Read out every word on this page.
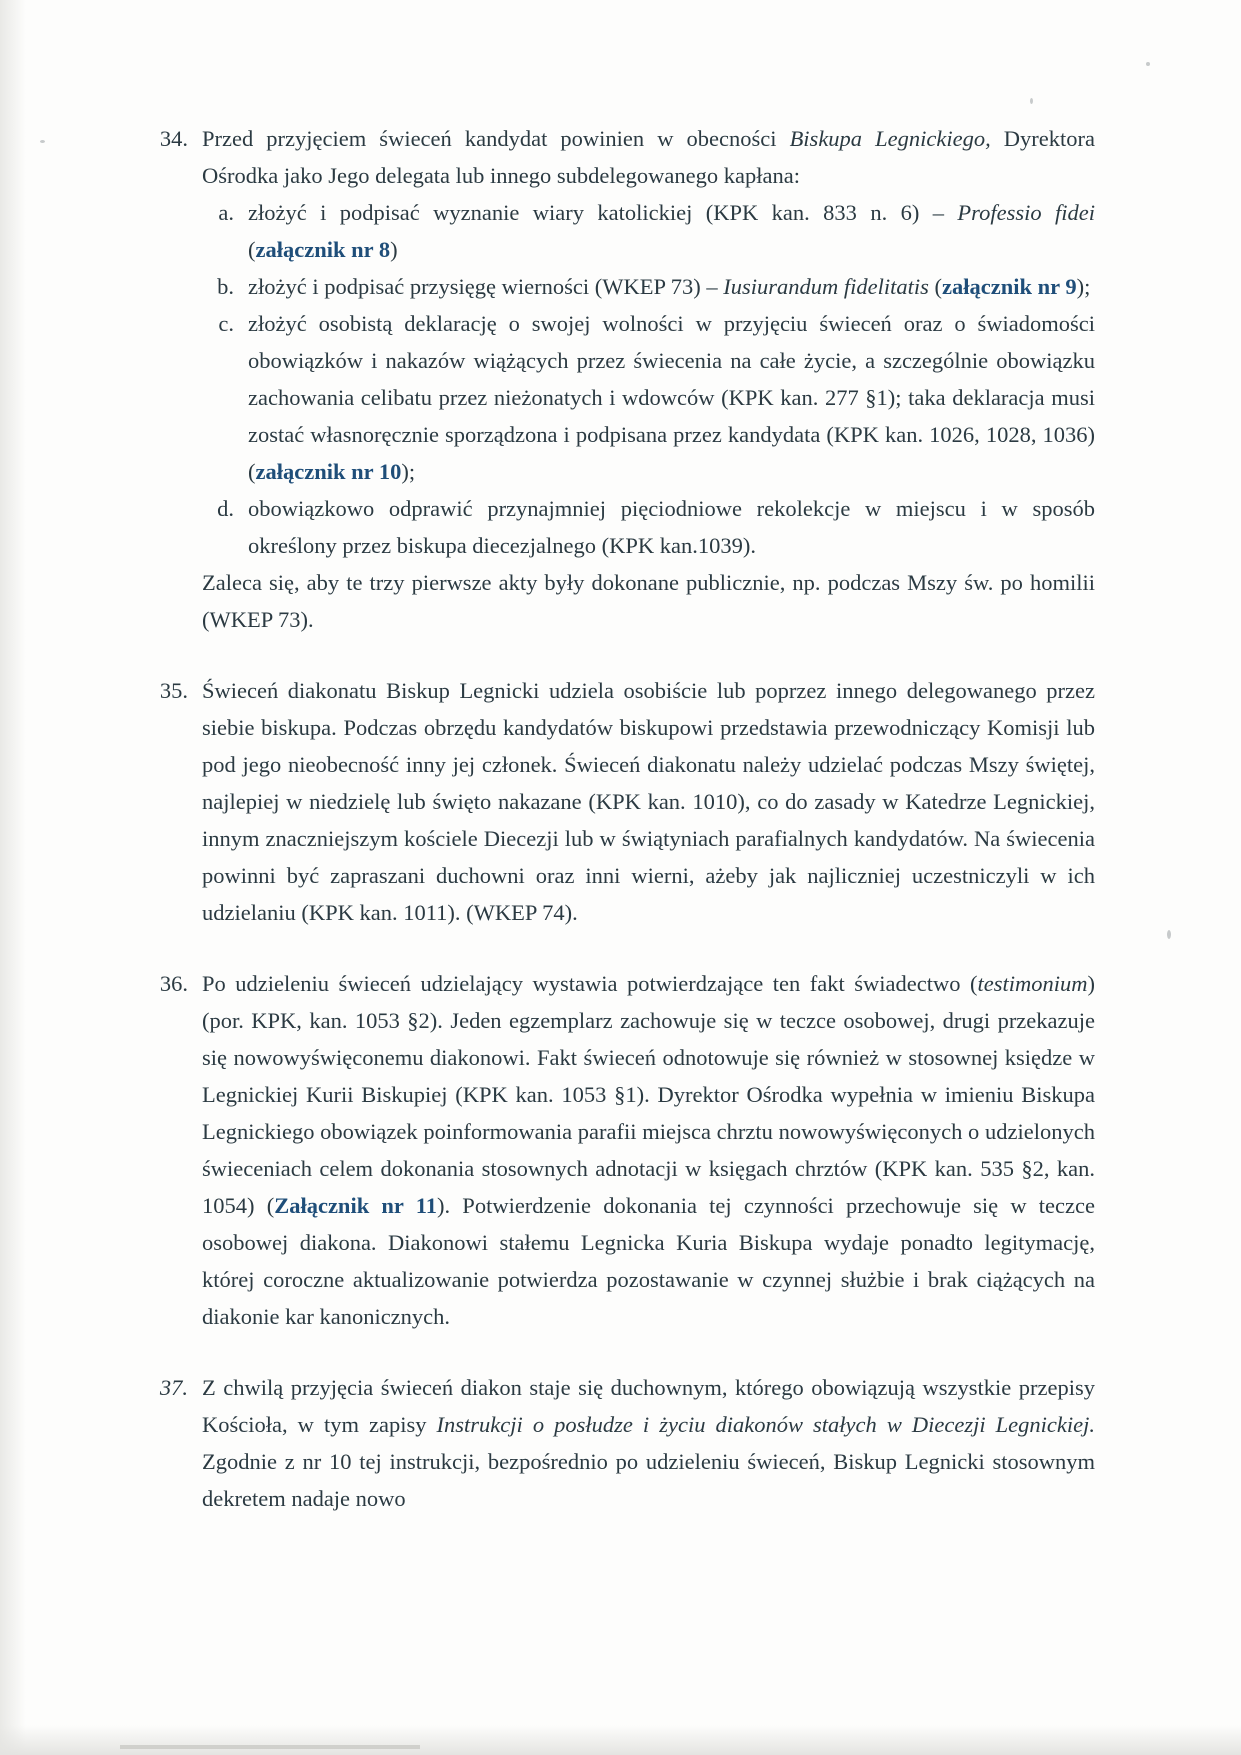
34. Przed przyjęciem świeceń kandydat powinien w obecności Biskupa Legnickiego, Dyrektora Ośrodka jako Jego delegata lub innego subdelegowanego kapłana:

a. złożyć i podpisać wyznanie wiary katolickiej (KPK kan. 833 n. 6) – Professio fidei (załącznik nr 8)
b. złożyć i podpisać przysięgę wierności (WKEP 73) – Iusiurandum fidelitatis (załącznik nr 9);
c. złożyć osobistą deklarację o swojej wolności w przyjęciu świeceń oraz o świadomości obowiązków i nakazów wiążących przez świecenia na całe życie, a szczególnie obowiązku zachowania celibatu przez nieżonatych i wdowców (KPK kan. 277 §1); taka deklaracja musi zostać własnoręcznie sporządzona i podpisana przez kandydata (KPK kan. 1026, 1028, 1036) (załącznik nr 10);
d. obowiązkowo odprawić przynajmniej pięciodniowe rekolekcje w miejscu i w sposób określony przez biskupa diecezjalnego (KPK kan.1039).
Zaleca się, aby te trzy pierwsze akty były dokonane publicznie, np. podczas Mszy św. po homilii (WKEP 73).
35. Świeceń diakonatu Biskup Legnicki udziela osobiście lub poprzez innego delegowanego przez siebie biskupa. Podczas obrzędu kandydatów biskupowi przedstawia przewodniczący Komisji lub pod jego nieobecność inny jej członek. Świeceń diakonatu należy udzielać podczas Mszy świętej, najlepiej w niedzielę lub święto nakazane (KPK kan. 1010), co do zasady w Katedrze Legnickiej, innym znaczniejszym kościele Diecezji lub w świątyniach parafialnych kandydatów. Na świecenia powinni być zapraszani duchowni oraz inni wierni, ażeby jak najliczniej uczestniczyli w ich udzielaniu (KPK kan. 1011). (WKEP 74).
36. Po udzieleniu świeceń udzielający wystawia potwierdzające ten fakt świadectwo (testimonium) (por. KPK, kan. 1053 §2). Jeden egzemplarz zachowuje się w teczce osobowej, drugi przekazuje się nowowyświęconemu diakonowi. Fakt świeceń odnotowuje się również w stosownej księdze w Legnickiej Kurii Biskupiej (KPK kan. 1053 §1). Dyrektor Ośrodka wypełnia w imieniu Biskupa Legnickiego obowiązek poinformowania parafii miejsca chrztu nowowyświęconych o udzielonych świeceniach celem dokonania stosownych adnotacji w księgach chrztów (KPK kan. 535 §2, kan. 1054) (Załącznik nr 11). Potwierdzenie dokonania tej czynności przechowuje się w teczce osobowej diakona. Diakonowi stałemu Legnicka Kuria Biskupa wydaje ponadto legitymację, której coroczne aktualizowanie potwierdza pozostawanie w czynnej służbie i brak ciążących na diakonie kar kanonicznych.
37. Z chwilą przyjęcia świeceń diakon staje się duchownym, którego obowiązują wszystkie przepisy Kościoła, w tym zapisy Instrukcji o posłudze i życiu diakonów stałych w Diecezji Legnickiej. Zgodnie z nr 10 tej instrukcji, bezpośrednio po udzieleniu świeceń, Biskup Legnicki stosownym dekretem nadaje nowo
